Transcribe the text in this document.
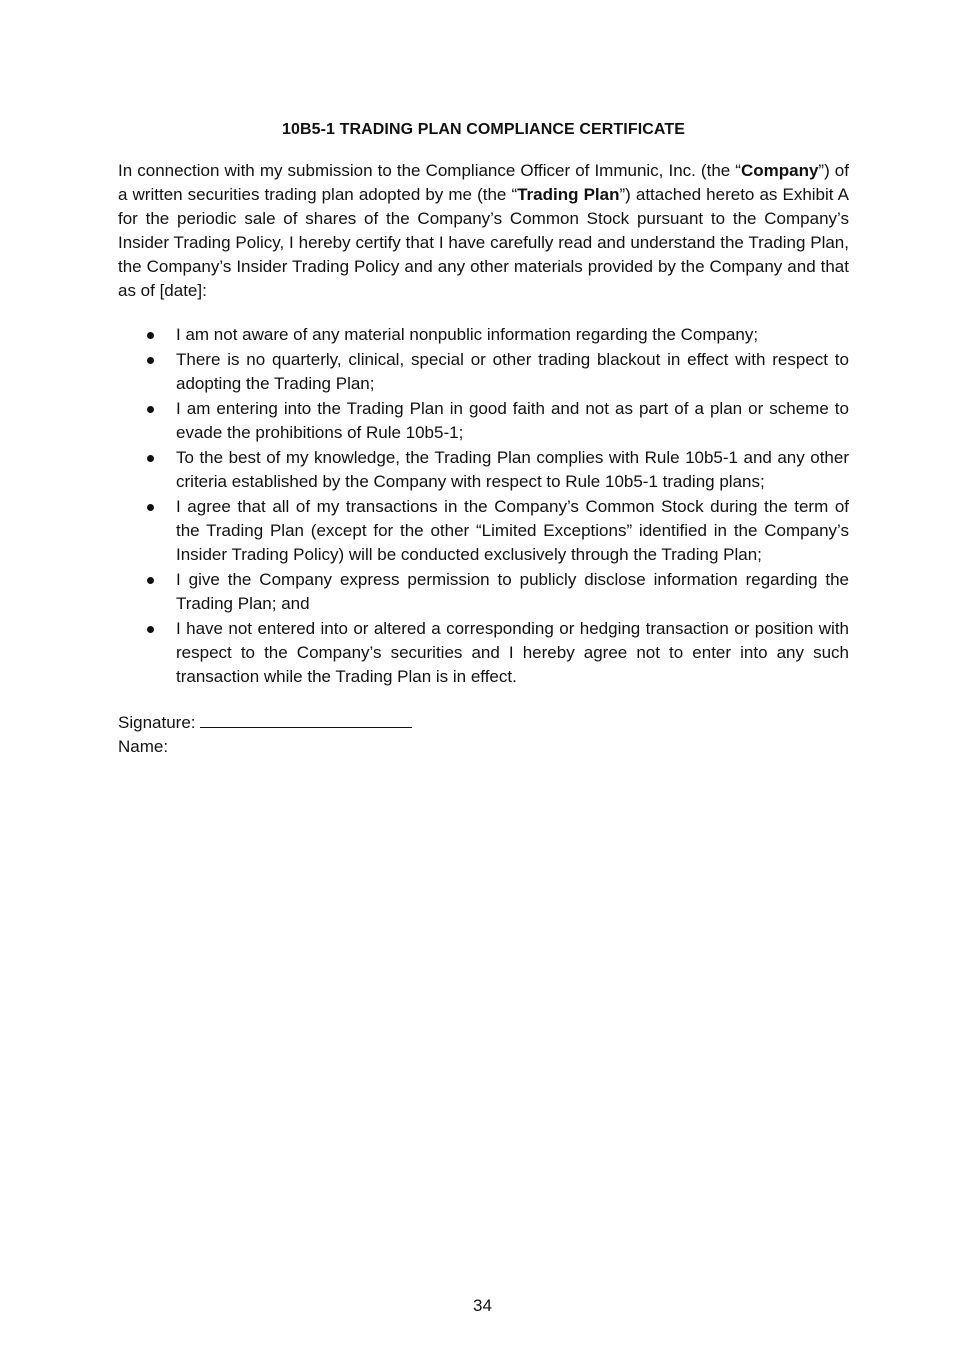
10B5-1 TRADING PLAN COMPLIANCE CERTIFICATE

In connection with my submission to the Compliance Officer of Immunic, Inc. (the “Company”) of a written securities trading plan adopted by me (the “Trading Plan”) attached hereto as Exhibit A for the periodic sale of shares of the Company’s Common Stock pursuant to the Company’s Insider Trading Policy, I hereby certify that I have carefully read and understand the Trading Plan, the Company’s Insider Trading Policy and any other materials provided by the Company and that as of [date]:

I am not aware of any material nonpublic information regarding the Company;
There is no quarterly, clinical, special or other trading blackout in effect with respect to adopting the Trading Plan;
I am entering into the Trading Plan in good faith and not as part of a plan or scheme to evade the prohibitions of Rule 10b5-1;
To the best of my knowledge, the Trading Plan complies with Rule 10b5-1 and any other criteria established by the Company with respect to Rule 10b5-1 trading plans;
I agree that all of my transactions in the Company’s Common Stock during the term of the Trading Plan (except for the other “Limited Exceptions” identified in the Company’s Insider Trading Policy) will be conducted exclusively through the Trading Plan;
I give the Company express permission to publicly disclose information regarding the Trading Plan; and
I have not entered into or altered a corresponding or hedging transaction or position with respect to the Company’s securities and I hereby agree not to enter into any such transaction while the Trading Plan is in effect.
Signature:
Name:
34
